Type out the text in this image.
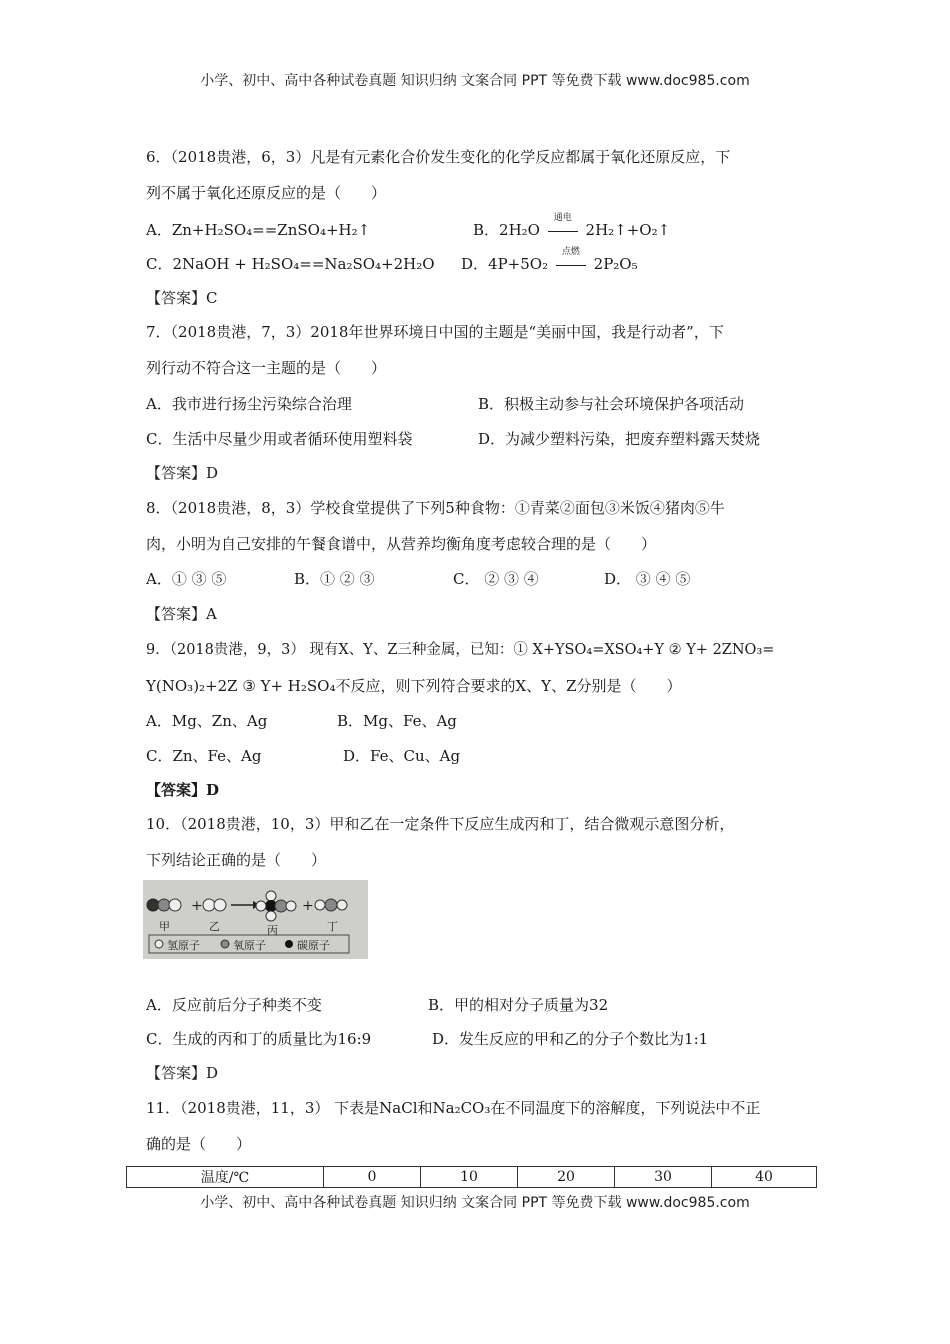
小学、初中、高中各种试卷真题 知识归纳 文案合同 PPT 等免费下载 www.doc985.com
6．（2018贵港，6，3）凡是有元素化合价发生变化的化学反应都属于氧化还原反应，下
列不属于氧化还原反应的是（　　）
A．Zn+H₂SO₄==ZnSO₄+H₂↑	B．2H₂O
通电
2H₂↑+O₂↑
C．2NaOH + H₂SO₄==Na₂SO₄+2H₂O D．4P+5O₂
点燃
2P₂O₅
【答案】C
7．（2018贵港，7，3）2018年世界环境日中国的主题是“美丽中国，我是行动者”，下
列行动不符合这一主题的是（　　）
A．我市进行扬尘污染综合治理	B．积极主动参与社会环境保护各项活动
C．生活中尽量少用或者循环使用塑料袋	D．为减少塑料污染，把废弃塑料露天焚烧
【答案】D
8．（2018贵港，8，3）学校食堂提供了下列5种食物：①青菜②面包③米饭④猪肉⑤牛
肉，小明为自己安排的午餐食谱中，从营养均衡角度考虑较合理的是（　　）
A．① ③ ⑤	B．① ② ③	C． ② ③ ④	D． ③ ④ ⑤
【答案】A
9．（2018贵港，9，3） 现有X、Y、Z三种金属，已知：① X+YSO₄=XSO₄+Y ② Y+ 2ZNO₃=
Y(NO₃)₂+2Z ③ Y+ H₂SO₄不反应，则下列符合要求的X、Y、Z分别是（　　）
A．Mg、Zn、Ag	B．Mg、Fe、Ag
C．Zn、Fe、Ag	D．Fe、Cu、Ag
【答案】D
10．（2018贵港，10，3）甲和乙在一定条件下反应生成丙和丁，结合微观示意图分析，
下列结论正确的是（　　）
+	+
甲	乙	丙	丁
氢原子	氧原子	碳原子
A．反应前后分子种类不变	B．甲的相对分子质量为32
C．生成的丙和丁的质量比为16:9	D．发生反应的甲和乙的分子个数比为1:1
【答案】D
11．（2018贵港，11，3） 下表是NaCl和Na₂CO₃在不同温度下的溶解度，下列说法中不正
确的是（　　）
温度/℃	0	10	20	30	40
小学、初中、高中各种试卷真题 知识归纳 文案合同 PPT 等免费下载 www.doc985.com
